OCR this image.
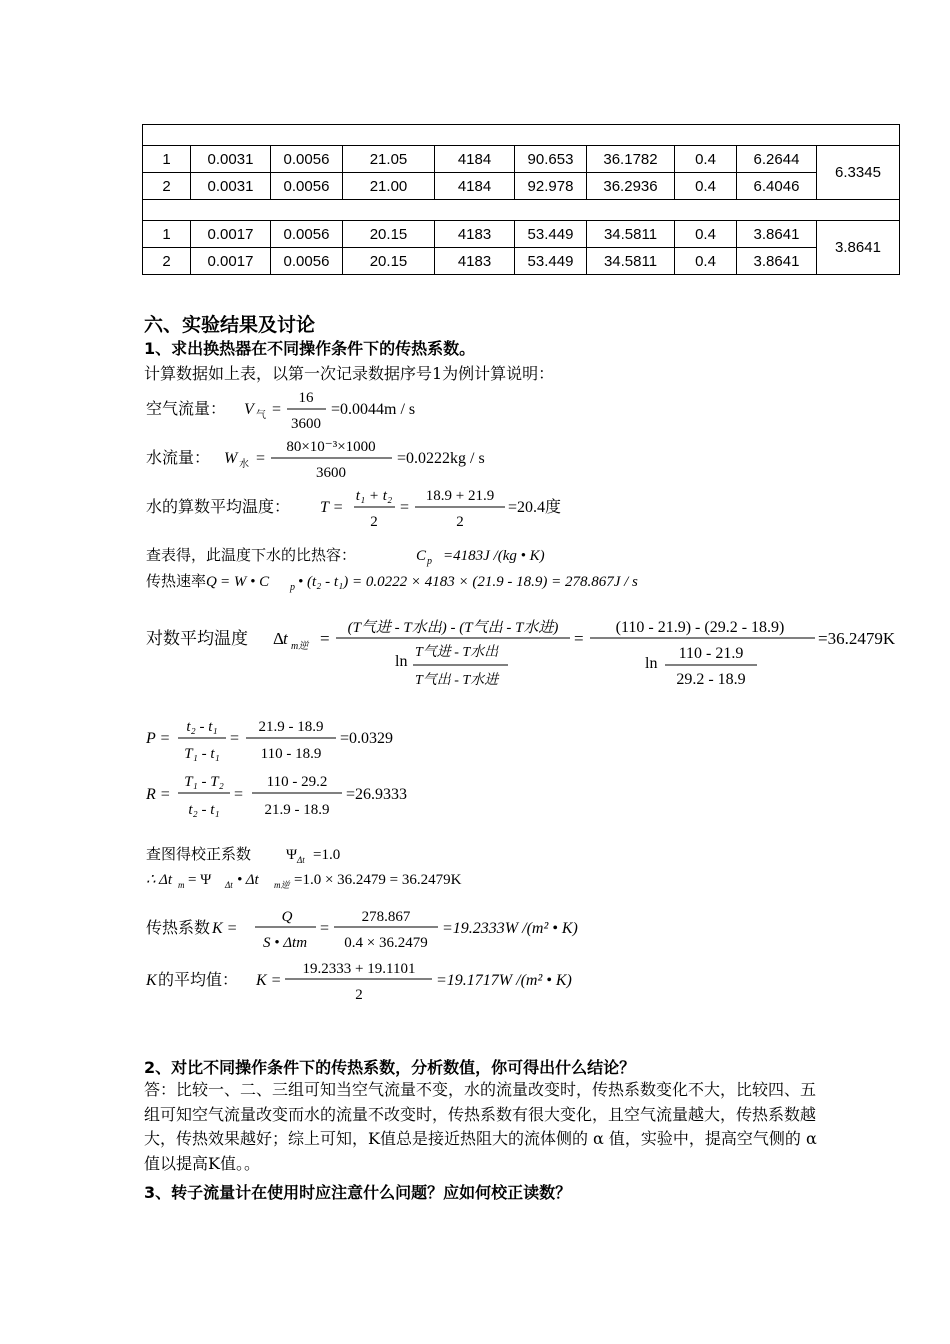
1	0.0031	0.0056	21.05	4184	90.653	36.1782	0.4	6.2644	6.3345
2	0.0031	0.0056	21.00	4184	92.978	36.2936	0.4	6.4046	

1	0.0017	0.0056	20.15	4183	53.449	34.5811	0.4	3.8641	3.8641
2	0.0017	0.0056	20.15	4183	53.449	34.5811	0.4	3.8641	
六、实验结果及讨论
1、求出换热器在不同操作条件下的传热系数。
计算数据如上表，以第一次记录数据序号1为例计算说明：
空气流量： V 气 =
16
3600
=0.0044m / s
水流量： W 水 =
80×10⁻³×1000
3600
=0.0222kg / s
水的算数平均温度： T =
t₁ + t₂
2
=
18.9 + 21.9
2
=20.4度
查表得，此温度下水的比热容：	C p =4183J /(kg • K)
传热速率 Q = W • C p • (t₂ - t₁) = 0.0222 × 4183 × (21.9 - 18.9) = 278.867J / s
对数平均温度 Δ t m逆 =
(T气进 - T水出) - (T气出 - T水进)
ln
T气进 - T水出
T气出 - T水进
=
(110 - 21.9) - (29.2 - 18.9)
ln
110 - 21.9
29.2 - 18.9
=36.2479K
P =
t₂ - t₁
T₁ - t₁
=
21.9 - 18.9
110 - 18.9
=0.0329
R =
T₁ - T₂
t₂ - t₁
=
110 - 29.2
21.9 - 18.9
=26.9333
查图得校正系数 Ψ Δt =1.0
∴ Δt m = Ψ Δt • Δt m逆 =1.0 × 36.2479 = 36.2479K
传热系数 K =
Q
S • Δtm
=
278.867
0.4 × 36.2479
=19.2333W /(m² • K)
K 的平均值： K =
19.2333 + 19.1101
2
=19.1717W /(m² • K)
2、对比不同操作条件下的传热系数，分析数值，你可得出什么结论？
答：比较一、二、三组可知当空气流量不变，水的流量改变时，传热系数变化不大，比较四、五组可知空气流量改变而水的流量不改变时，传热系数有很大变化，且空气流量越大，传热系数越大，传热效果越好；综上可知，K值总是接近热阻大的流体侧的 α 值，实验中，提高空气侧的 α 值以提高K值。。
3、转子流量计在使用时应注意什么问题？应如何校正读数？
